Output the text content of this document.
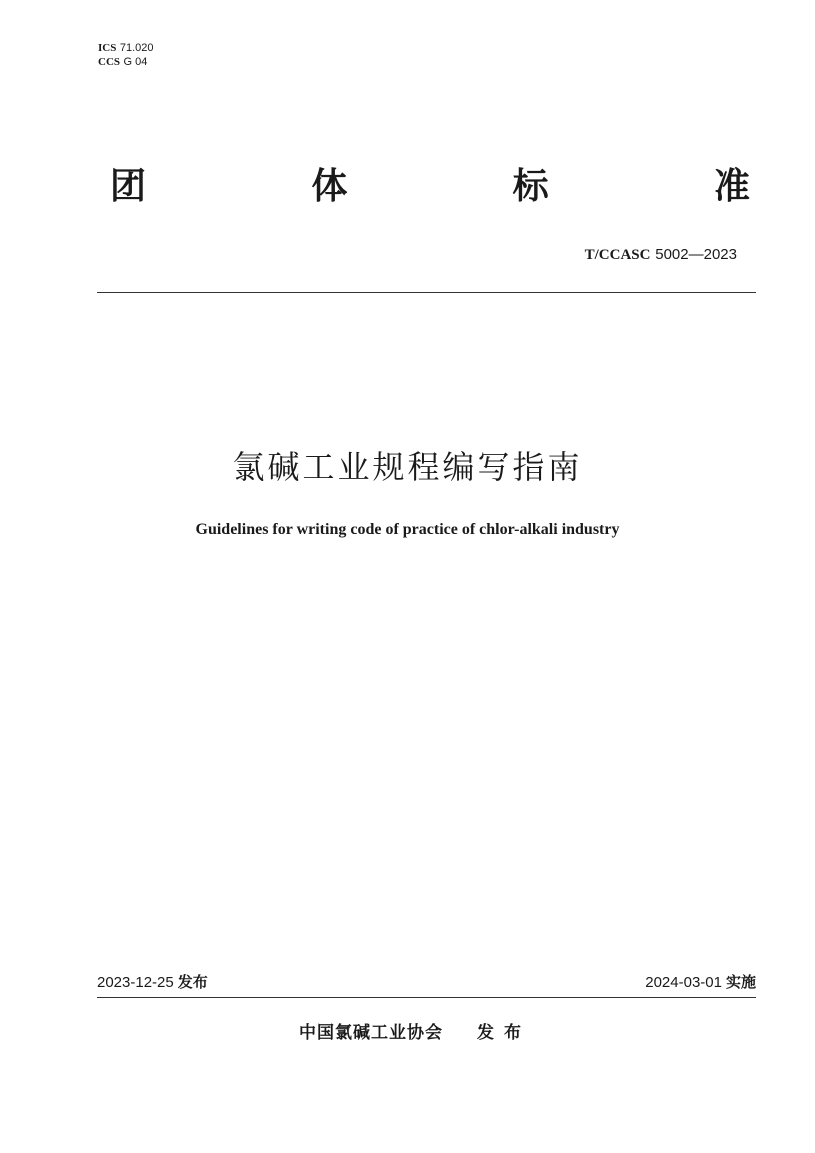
ICS 71.020
CCS G 04
团	体	标	准
T/CCASC 5002—2023
氯碱工业规程编写指南
Guidelines for writing code of practice of chlor-alkali industry
2023-12-25 发布	2024-03-01 实施
中国氯碱工业协会 发布
